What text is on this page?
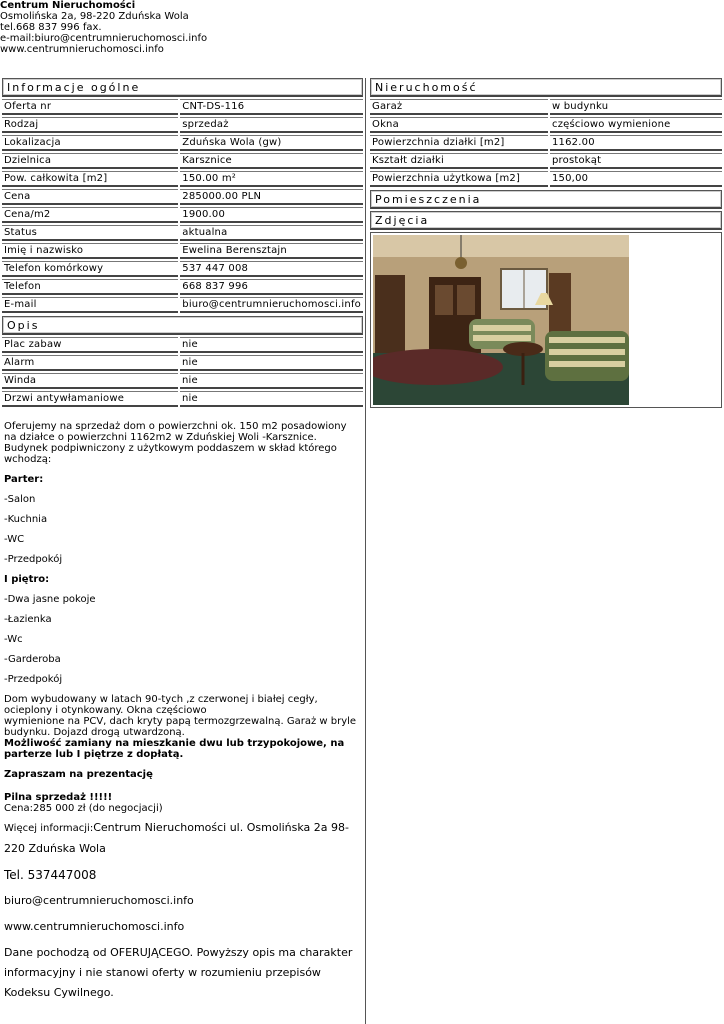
Centrum Nieruchomości
Osmolińska 2a, 98-220 Zduńska Wola
tel.668 837 996 fax.
e-mail:biuro@centrumnieruchomosci.info
www.centrumnieruchomosci.info
Informacje ogólne
Oferta nr	CNT-DS-116
Rodzaj	sprzedaż
Lokalizacja	Zduńska Wola (gw)
Dzielnica	Karsznice
Pow. całkowita [m2]	150.00 m²
Cena	285000.00 PLN
Cena/m2	1900.00
Status	aktualna
Imię i nazwisko	Ewelina Berensztajn
Telefon komórkowy	537 447 008
Telefon	668 837 996
E-mail	biuro@centrumnieruchomosci.info
Opis
Plac zabaw	nie
Alarm	nie
Winda	nie
Drzwi antywłamaniowe	nie

Oferujemy na sprzedaż dom o powierzchni ok. 150 m2 posadowiony na działce o powierzchni 1162m2 w Zduńskiej Woli -Karsznice. Budynek podpiwniczony z użytkowym poddaszem w skład którego wchodzą:

Parter:

-Salon

-Kuchnia

-WC

-Przedpokój

I piętro:

-Dwa jasne pokoje

-Łazienka

-Wc

-Garderoba

-Przedpokój

Dom wybudowany w latach 90-tych ,z czerwonej i białej cegły, ocieplony i otynkowany. Okna częściowo

wymienione na PCV, dach kryty papą termozgrzewalną. Garaż w bryle budynku. Dojazd drogą utwardzoną.

Możliwość zamiany na mieszkanie dwu lub trzypokojowe, na parterze lub I piętrze z dopłatą.

Zapraszam na prezentację

Pilna sprzedaż !!!!!

Cena:285 000 zł (do negocjacji)

Więcej informacji:Centrum Nieruchomości ul. Osmolińska 2a 98-220 Zduńska Wola

Tel. 537447008

biuro@centrumnieruchomosci.info

www.centrumnieruchomosci.info

Dane pochodzą od OFERUJĄCEGO. Powyższy opis ma charakter informacyjny i nie stanowi oferty w rozumieniu przepisów Kodeksu Cywilnego.

Nieruchomość
Garaż	w budynku
Okna	częściowo wymienione
Powierzchnia działki [m2]	1162.00
Kształt działki	prostokąt
Powierzchnia użytkowa [m2]	150,00
Pomieszczenia
Zdjęcia
